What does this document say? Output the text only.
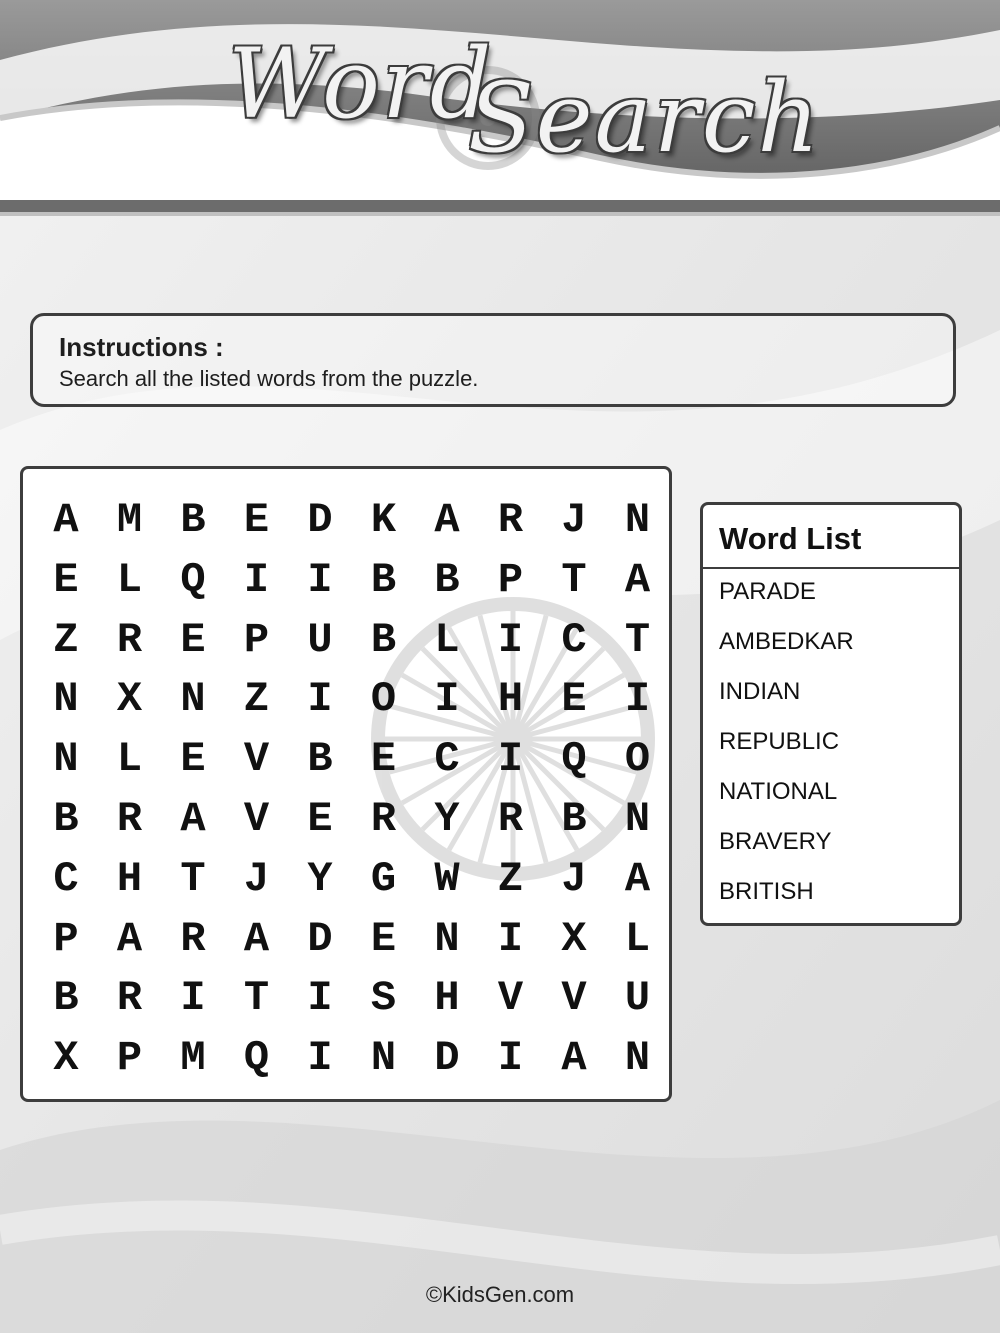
Word
Search
Instructions :
Search all the listed words from the puzzle.
A M B E D K A R J N
E L Q I I B B P T A
Z R E P U B L I C T
N X N Z I O I H E I
N L E V B E C I Q O
B R A V E R Y R B N
C H T J Y G W Z J A
P A R A D E N I X L
B R I T I S H V V U
X P M Q I N D I A N
Word List
PARADE
AMBEDKAR
INDIAN
REPUBLIC
NATIONAL
BRAVERY
BRITISH
©KidsGen.com
